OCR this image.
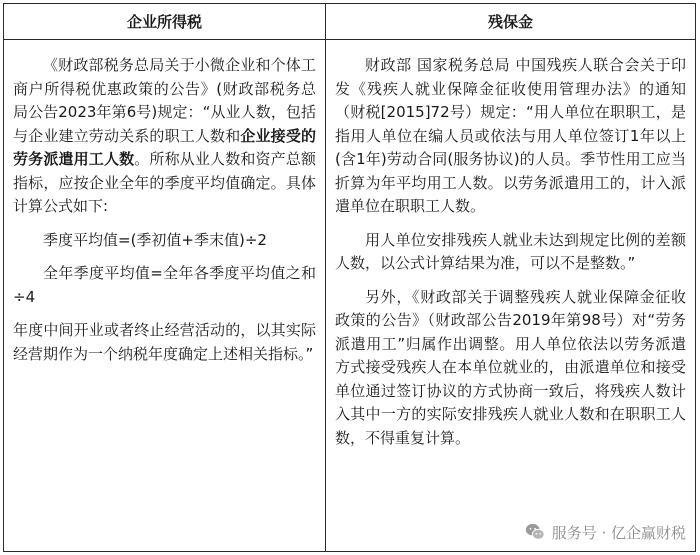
企业所得税	残保金

《财政部税务总局关于小微企业和个体工商户所得税优惠政策的公告》(财政部税务总局公告2023年第6号)规定：“从业人数，包括与企业建立劳动关系的职工人数和企业接受的劳务派遣用工人数。所称从业人数和资产总额指标，应按企业全年的季度平均值确定。具体计算公式如下:

季度平均值=(季初值+季末值)÷2

全年季度平均值=全年各季度平均值之和÷4

年度中间开业或者终止经营活动的，以其实际经营期作为一个纳税年度确定上述相关指标。”

财政部 国家税务总局 中国残疾人联合会关于印发《残疾人就业保障金征收使用管理办法》的通知（财税[2015]72号）规定：“用人单位在职职工，是指用人单位在编人员或依法与用人单位签订1年以上(含1年)劳动合同(服务协议)的人员。季节性用工应当折算为年平均用工人数。以劳务派遣用工的，计入派遣单位在职职工人数。

用人单位安排残疾人就业未达到规定比例的差额人数，以公式计算结果为准，可以不是整数。”

另外，《财政部关于调整残疾人就业保障金征收政策的公告》（财政部公告2019年第98号）对“劳务派遣用工”归属作出调整。用人单位依法以劳务派遣方式接受残疾人在本单位就业的，由派遣单位和接受单位通过签订协议的方式协商一致后，将残疾人数计入其中一方的实际安排残疾人就业人数和在职职工人数，不得重复计算。

服务号 · 亿企赢财税
